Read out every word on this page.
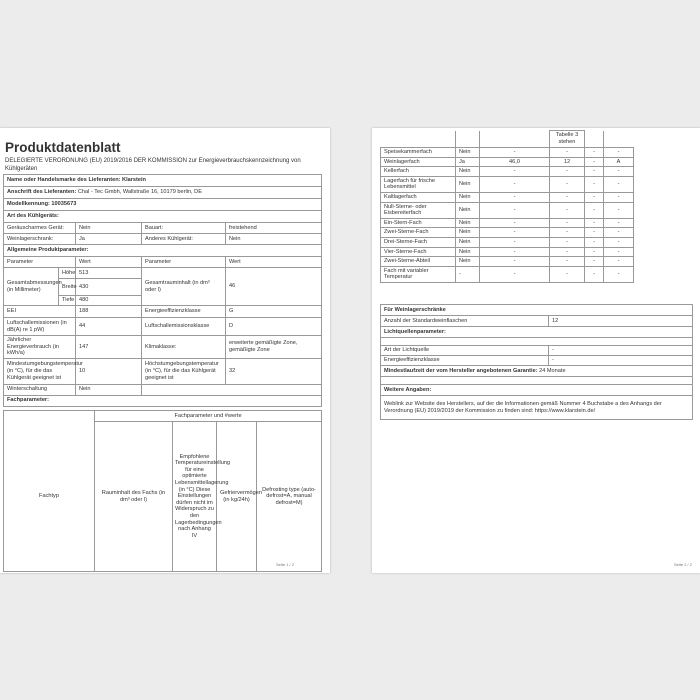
Produktdatenblatt
DELEGIERTE VERORDNUNG (EU) 2019/2016 DER KOMMISSION zur Energieverbrauchskennzeichnung von Kühlgeräten
Name oder Handelsmarke des Lieferanten: Klarstein				
Anschrift des Lieferanten: Chal - Tec Gmbh, Wallstraße 16, 10179 berlin, DE				
Modellkennung: 10035673				
Art des Kühlgeräts:				
Geräuscharmes Gerät:		Nein	Bauart:	freistehend
Weinlagerschrank:		Ja	Anderes Kühlgerät:	Nein
Allgemeine Produktparameter:				
Parameter		Wert	Parameter	Wert
Gesamtabmessungen (in Millimeter)	Höhe	513	Gesamtrauminhalt (in dm³ oder l)	46
	Breite	430		
	Tiefe	480		
EEI		188	Energieeffizienzklasse	G
Luftschallemissionen (in dB(A) re 1 pW)		44	Luftschallemissionsklasse	D
Jährlicher Energieverbrauch (in kWh/a)		147	Klimaklasse:	erweiterte gemäßigte Zone, gemäßigte Zone
Mindestumgebungstemperatur (in °C), für die das Kühlgerät geeignet ist		10	Höchstumgebungstemperatur (in °C), für die das Kühlgerät geeignet ist	32
Winterschaltung		Nein		
Fachparameter:				
	Fachparameter und #werte			
Fachtyp	Rauminhalt des Fachs (in dm³ oder l)	Empfohlene Temperatureinstellung für eine optimierte Lebensmittellagerung (in °C) Diese Einstellungen dürfen nicht im Widerspruch zu den Lagerbedingungen nach Anhang IV	Gefriervermögen (in kg/24h)	Defrosting type (auto-defrost=A, manual defrost=M)
Seite 1 / 2
			Tabelle 3 stehen		
Speisekammerfach	Nein	-	-	-	-
Weinlagerfach	Ja	46,0	12	-	A
Kellerfach	Nein	-	-	-	-
Lagerfach für frische Lebensmittel	Nein	-	-	-	-
Kaltlagerfach	Nein	-	-	-	-
Null-Sterne- oder Eisbereiterfach	Nein	-	-	-	-
Ein-Stern-Fach	Nein	-	-	-	-
Zwei-Sterne-Fach	Nein	-	-	-	-
Drei-Sterne-Fach	Nein	-	-	-	-
Vier-Sterne-Fach	Nein	-	-	-	-
Zwei-Sterne-Abteil	Nein	-	-	-	-
Fach mit variabler Temperatur	-	-	-	-	-
Für Weinlagerschränke	
Anzahl der Standardweinflaschen	12
Lichtquellenparameter:	

Art der Lichtquelle	-
Energieeffizienzklasse	-
Mindestlaufzeit der vom Hersteller angebotenen Garantie: 24 Monate	

Weitere Angaben:	
Weblink zur Website des Herstellers, auf der die Informationen gemäß Nummer 4 Buchstabe a des Anhangs der Verordnung (EU) 2019/2019 der Kommission zu finden sind: https://www.klarstein.de/	
Seite 2 / 2
